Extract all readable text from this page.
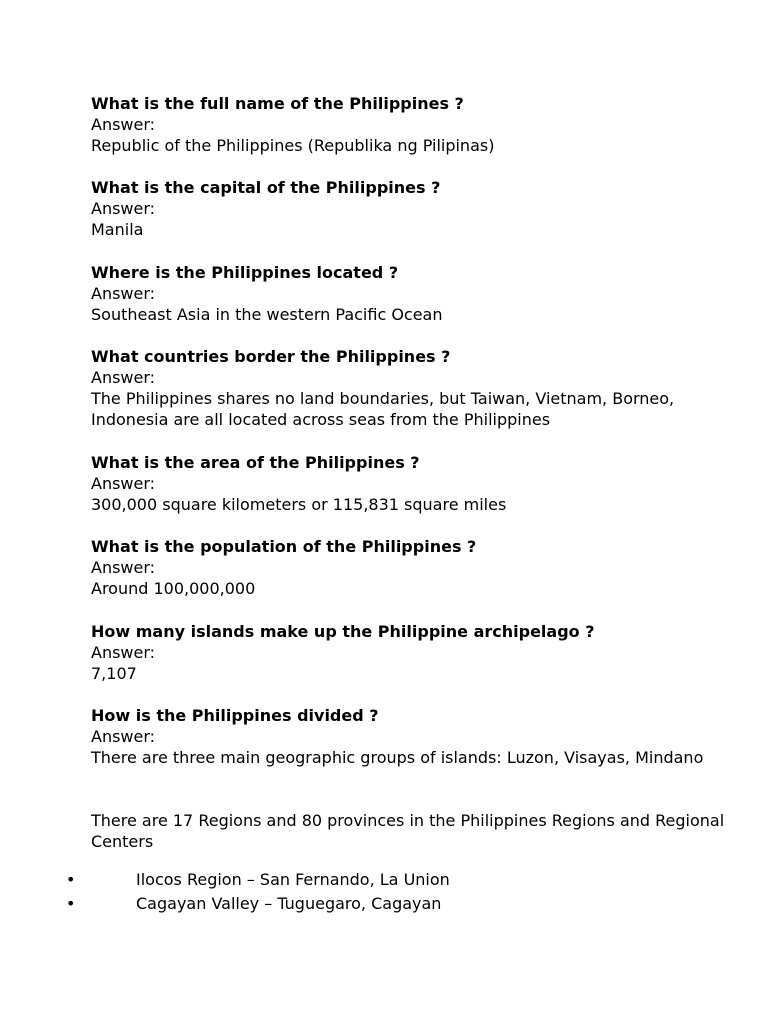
What is the full name of the Philippines ?
Answer:
Republic of the Philippines (Republika ng Pilipinas)
What is the capital of the Philippines ?
Answer:
Manila
Where is the Philippines located ?
Answer:
Southeast Asia in the western Pacific Ocean
What countries border the Philippines ?
Answer:
The Philippines shares no land boundaries, but Taiwan, Vietnam, Borneo, Indonesia are all located across seas from the Philippines
What is the area of the Philippines ?
Answer:
300,000 square kilometers or 115,831 square miles
What is the population of the Philippines ?
Answer:
Around 100,000,000
How many islands make up the Philippine archipelago ?
Answer:
7,107
How is the Philippines divided ?
Answer:
There are three main geographic groups of islands: Luzon, Visayas, Mindano
There are 17 Regions and 80 provinces in the Philippines Regions and Regional Centers
•	Ilocos Region – San Fernando, La Union
•	Cagayan Valley – Tuguegaro, Cagayan
